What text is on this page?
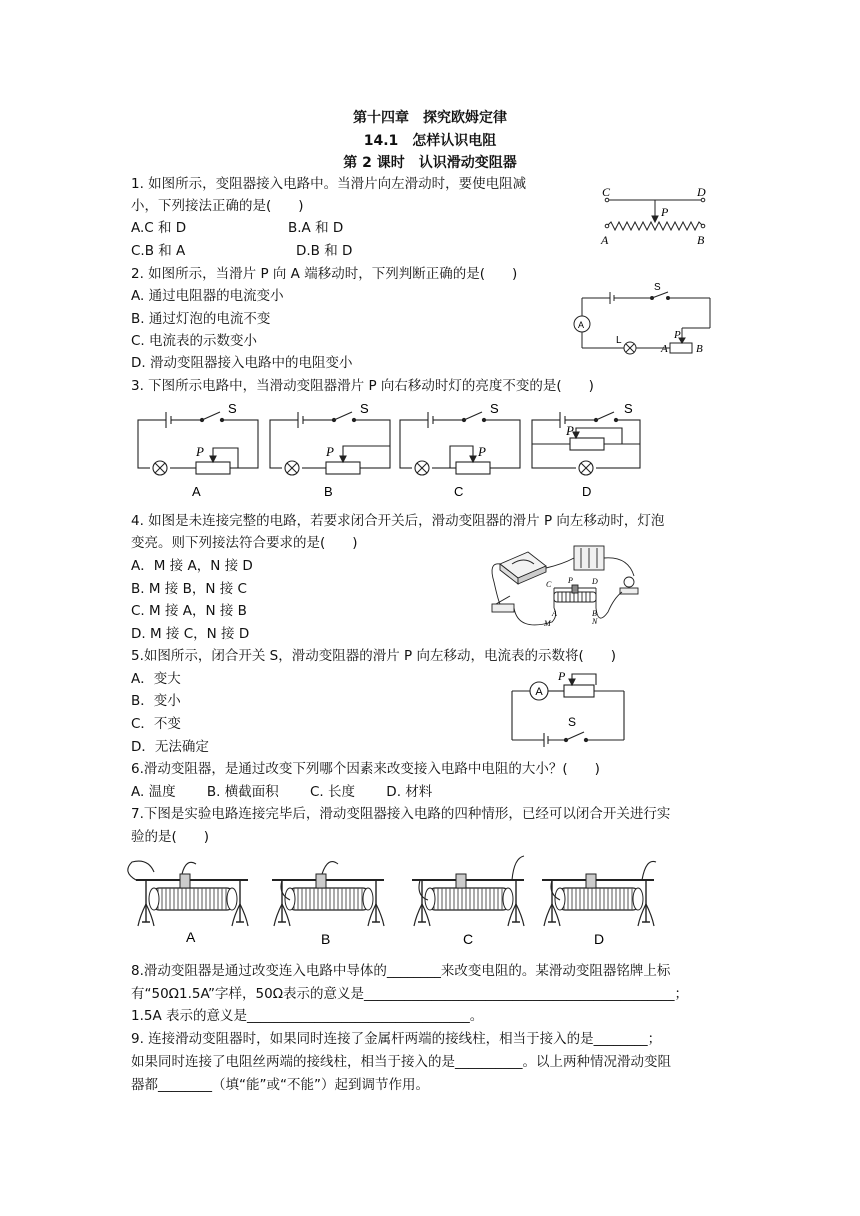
第十四章　探究欧姆定律
14.1　怎样认识电阻
第 2 课时　认识滑动变阻器
1. 如图所示，变阻器接入电路中。当滑片向左滑动时，要使电阻减
小，下列接法正确的是(　　)
A.C 和 D	B.A 和 D
C.B 和 A	D.B 和 D
C	D
P
A	B
2. 如图所示，当滑片 P 向 A 端移动时，下列判断正确的是(　　)
A. 通过电阻器的电流变小
B. 通过灯泡的电流不变
C. 电流表的示数变小
D. 滑动变阻器接入电路中的电阻变小
A
S
L	P
A	B
3. 下图所示电路中，当滑动变阻器滑片 P 向右移动时灯的亮度不变的是(　　)
S
P
S
P
S
P
S
P
A	B	C	D
4. 如图是未连接完整的电路，若要求闭合开关后，滑动变阻器的滑片 P 向左移动时，灯泡
变亮。则下列接法符合要求的是(　　)
A．M 接 A，N 接 D
B. M 接 B，N 接 C
C. M 接 A，N 接 B
D. M 接 C，N 接 D
C P D
A	B
M	N
5.如图所示，闭合开关 S，滑动变阻器的滑片 P 向左移动，电流表的示数将(　　)
A．变大
B．变小
C．不变
D．无法确定
A
P
S
6.滑动变阻器，是通过改变下列哪个因素来改变接入电路中电阻的大小？(　　)
A. 温度　　 B. 横截面积　　 C. 长度　　 D. 材料
7.下图是实验电路连接完毕后，滑动变阻器接入电路的四种情形，已经可以闭合开关进行实
验的是(　　)
A	B	C	D
8.滑动变阻器是通过改变连入电路中导体的________来改变电阻的。某滑动变阻器铭牌上标
有“50Ω1.5A”字样，50Ω表示的意义是______________________________________________；
1.5A 表示的意义是_________________________________。
9. 连接滑动变阻器时，如果同时连接了金属杆两端的接线柱，相当于接入的是________；
如果同时连接了电阻丝两端的接线柱，相当于接入的是__________。以上两种情况滑动变阻
器都________（填“能”或“不能”）起到调节作用。
